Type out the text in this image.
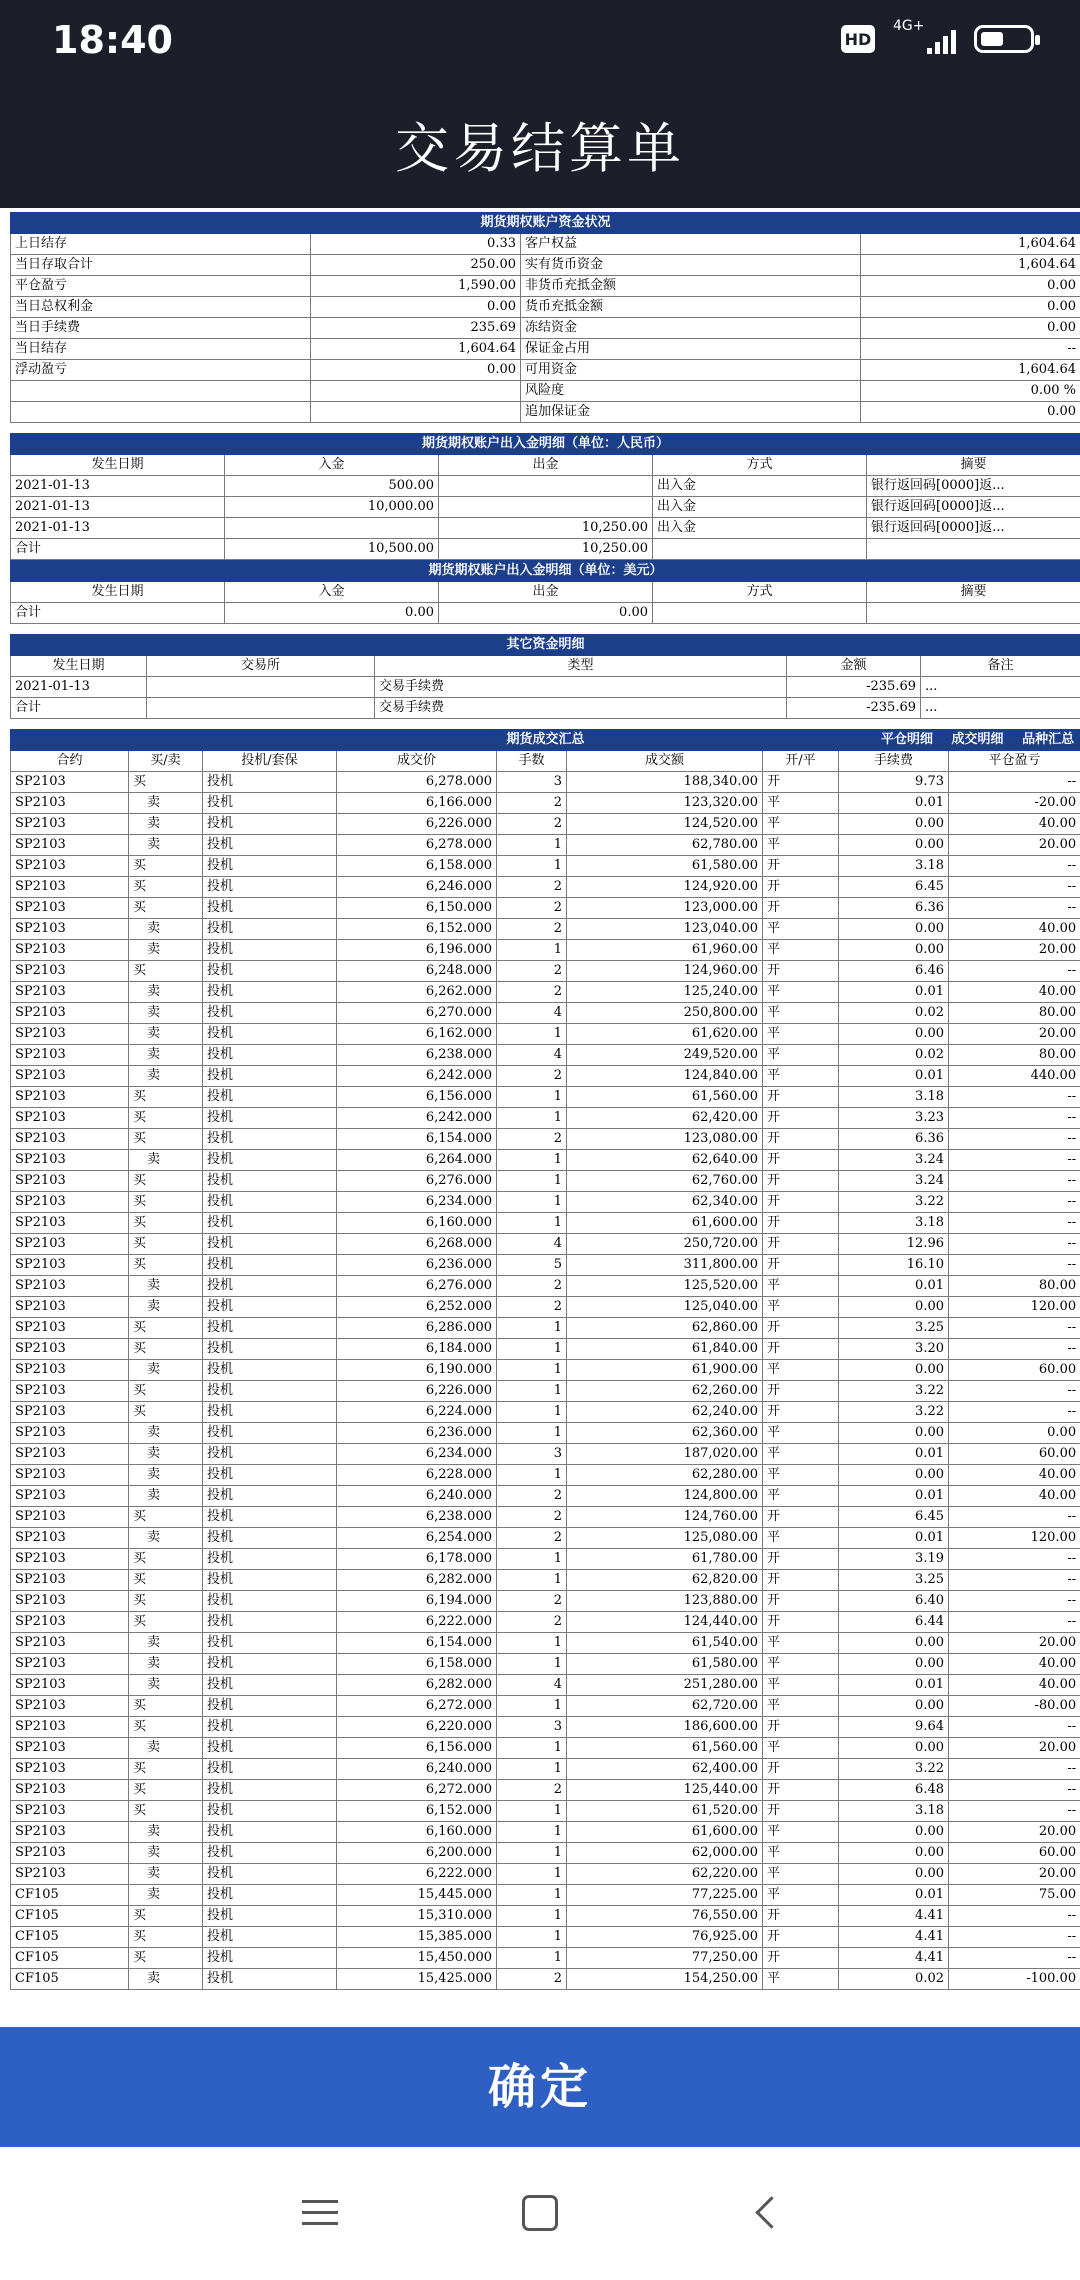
18:40	HD
4G+
交易结算单
期货期权账户资金状况			
上日结存	0.33	客户权益	1,604.64
当日存取合计	250.00	实有货币资金	1,604.64
平仓盈亏	1,590.00	非货币充抵金额	0.00
当日总权利金	0.00	货币充抵金额	0.00
当日手续费	235.69	冻结资金	0.00
当日结存	1,604.64	保证金占用	--
浮动盈亏	0.00	可用资金	1,604.64
		风险度	0.00 %
		追加保证金	0.00
期货期权账户出入金明细（单位：人民币）				
发生日期	入金	出金	方式	摘要
2021-01-13	500.00		出入金	银行返回码[0000]返...
2021-01-13	10,000.00		出入金	银行返回码[0000]返...
2021-01-13		10,250.00	出入金	银行返回码[0000]返...
合计	10,500.00	10,250.00		
期货期权账户出入金明细（单位：美元）				
发生日期	入金	出金	方式	摘要
合计	0.00	0.00		
其它资金明细				
发生日期	交易所	类型	金额	备注
2021-01-13		交易手续费	-235.69	...
合计		交易手续费	-235.69	...
期货成交汇总 平仓明细 成交明细 品种汇总								

合约	买/卖	投机/套保	成交价	手数	成交额	开/平	手续费	平仓盈亏
SP2103	买	投机	6,278.000	3	188,340.00	开	9.73	--
SP2103	卖	投机	6,166.000	2	123,320.00	平	0.01	-20.00
SP2103	卖	投机	6,226.000	2	124,520.00	平	0.00	40.00
SP2103	卖	投机	6,278.000	1	62,780.00	平	0.00	20.00
SP2103	买	投机	6,158.000	1	61,580.00	开	3.18	--
SP2103	买	投机	6,246.000	2	124,920.00	开	6.45	--
SP2103	买	投机	6,150.000	2	123,000.00	开	6.36	--
SP2103	卖	投机	6,152.000	2	123,040.00	平	0.00	40.00
SP2103	卖	投机	6,196.000	1	61,960.00	平	0.00	20.00
SP2103	买	投机	6,248.000	2	124,960.00	开	6.46	--
SP2103	卖	投机	6,262.000	2	125,240.00	平	0.01	40.00
SP2103	卖	投机	6,270.000	4	250,800.00	平	0.02	80.00
SP2103	卖	投机	6,162.000	1	61,620.00	平	0.00	20.00
SP2103	卖	投机	6,238.000	4	249,520.00	平	0.02	80.00
SP2103	卖	投机	6,242.000	2	124,840.00	平	0.01	440.00
SP2103	买	投机	6,156.000	1	61,560.00	开	3.18	--
SP2103	买	投机	6,242.000	1	62,420.00	开	3.23	--
SP2103	买	投机	6,154.000	2	123,080.00	开	6.36	--
SP2103	卖	投机	6,264.000	1	62,640.00	开	3.24	--
SP2103	买	投机	6,276.000	1	62,760.00	开	3.24	--
SP2103	买	投机	6,234.000	1	62,340.00	开	3.22	--
SP2103	买	投机	6,160.000	1	61,600.00	开	3.18	--
SP2103	买	投机	6,268.000	4	250,720.00	开	12.96	--
SP2103	买	投机	6,236.000	5	311,800.00	开	16.10	--
SP2103	卖	投机	6,276.000	2	125,520.00	平	0.01	80.00
SP2103	卖	投机	6,252.000	2	125,040.00	平	0.00	120.00
SP2103	买	投机	6,286.000	1	62,860.00	开	3.25	--
SP2103	买	投机	6,184.000	1	61,840.00	开	3.20	--
SP2103	卖	投机	6,190.000	1	61,900.00	平	0.00	60.00
SP2103	买	投机	6,226.000	1	62,260.00	开	3.22	--
SP2103	买	投机	6,224.000	1	62,240.00	开	3.22	--
SP2103	卖	投机	6,236.000	1	62,360.00	平	0.00	0.00
SP2103	卖	投机	6,234.000	3	187,020.00	平	0.01	60.00
SP2103	卖	投机	6,228.000	1	62,280.00	平	0.00	40.00
SP2103	卖	投机	6,240.000	2	124,800.00	平	0.01	40.00
SP2103	买	投机	6,238.000	2	124,760.00	开	6.45	--
SP2103	卖	投机	6,254.000	2	125,080.00	平	0.01	120.00
SP2103	买	投机	6,178.000	1	61,780.00	开	3.19	--
SP2103	买	投机	6,282.000	1	62,820.00	开	3.25	--
SP2103	买	投机	6,194.000	2	123,880.00	开	6.40	--
SP2103	买	投机	6,222.000	2	124,440.00	开	6.44	--
SP2103	卖	投机	6,154.000	1	61,540.00	平	0.00	20.00
SP2103	卖	投机	6,158.000	1	61,580.00	平	0.00	40.00
SP2103	卖	投机	6,282.000	4	251,280.00	平	0.01	40.00
SP2103	买	投机	6,272.000	1	62,720.00	平	0.00	-80.00
SP2103	买	投机	6,220.000	3	186,600.00	开	9.64	--
SP2103	卖	投机	6,156.000	1	61,560.00	平	0.00	20.00
SP2103	买	投机	6,240.000	1	62,400.00	开	3.22	--
SP2103	买	投机	6,272.000	2	125,440.00	开	6.48	--
SP2103	买	投机	6,152.000	1	61,520.00	开	3.18	--
SP2103	卖	投机	6,160.000	1	61,600.00	平	0.00	20.00
SP2103	卖	投机	6,200.000	1	62,000.00	平	0.00	60.00
SP2103	卖	投机	6,222.000	1	62,220.00	平	0.00	20.00
CF105	卖	投机	15,445.000	1	77,225.00	平	0.01	75.00
CF105	买	投机	15,310.000	1	76,550.00	开	4.41	--
CF105	买	投机	15,385.000	1	76,925.00	开	4.41	--
CF105	买	投机	15,450.000	1	77,250.00	开	4.41	--
CF105	卖	投机	15,425.000	2	154,250.00	平	0.02	-100.00
确定
